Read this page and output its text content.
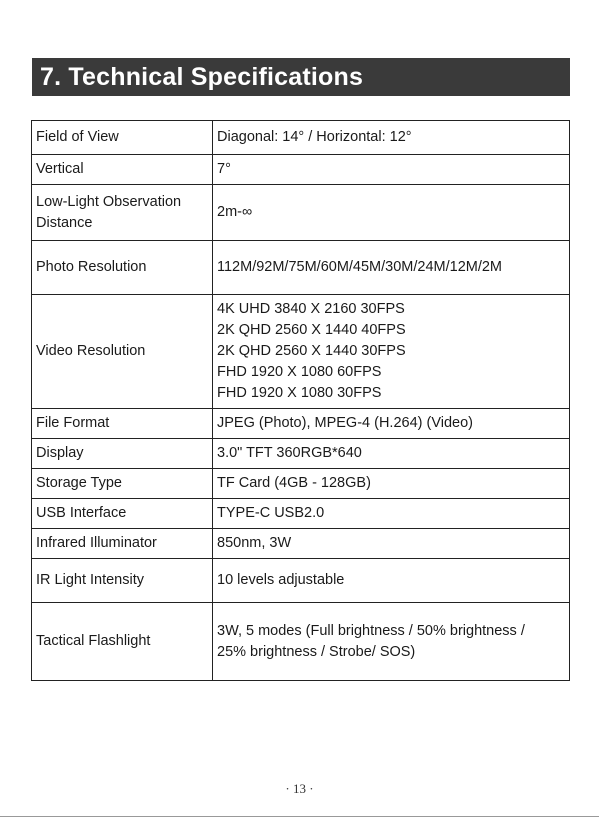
7. Technical Specifications
Field of View	Diagonal: 14° / Horizontal: 12°

Vertical	7°

Low-Light Observation Distance	2m-∞

Photo Resolution	112M/92M/75M/60M/45M/30M/24M/12M/2M

Video Resolution	4K UHD 3840 X 2160 30FPS
2K QHD 2560 X 1440 40FPS
2K QHD 2560 X 1440 30FPS
FHD 1920 X 1080 60FPS
FHD 1920 X 1080 30FPS

File Format	JPEG (Photo), MPEG-4 (H.264) (Video)

Display	3.0" TFT 360RGB*640

Storage Type	TF Card (4GB - 128GB)

USB Interface	TYPE-C USB2.0

Infrared Illuminator	850nm, 3W

IR Light Intensity	10 levels adjustable

Tactical Flashlight	3W, 5 modes (Full brightness / 50% brightness /
25% brightness / Strobe/ SOS)
· 13 ·
